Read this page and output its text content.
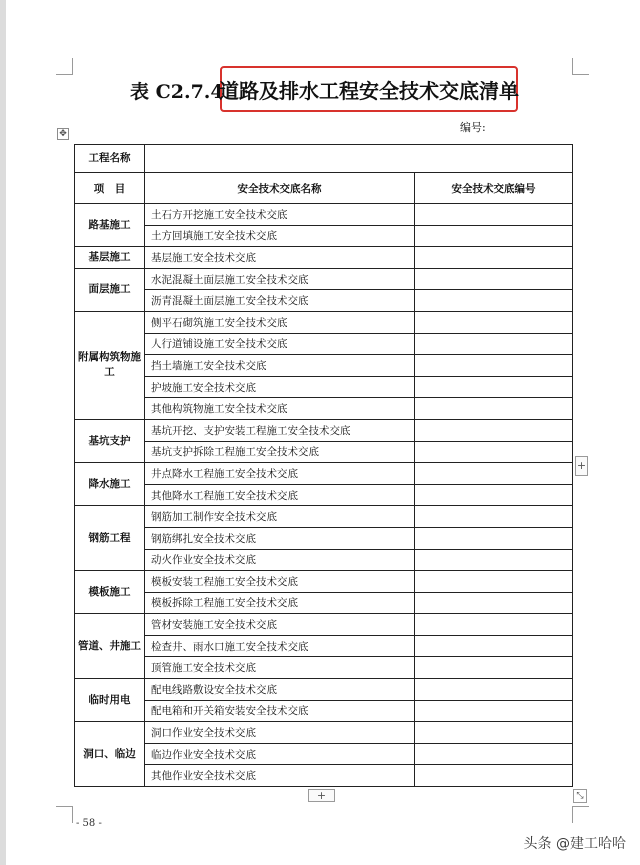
表 C2.7.4
道路及排水工程安全技术交底清单
编号:
✥
工程名称		
项　目	安全技术交底名称	安全技术交底编号
路基施工	土石方开挖施工安全技术交底	
	土方回填施工安全技术交底	
基层施工	基层施工安全技术交底	
面层施工	水泥混凝土面层施工安全技术交底	
	沥青混凝土面层施工安全技术交底	
附属构筑物施工	侧平石砌筑施工安全技术交底	
	人行道铺设施工安全技术交底	
	挡土墙施工安全技术交底	
	护坡施工安全技术交底	
	其他构筑物施工安全技术交底	
基坑支护	基坑开挖、支护安装工程施工安全技术交底	
	基坑支护拆除工程施工安全技术交底	
降水施工	井点降水工程施工安全技术交底	
	其他降水工程施工安全技术交底	
钢筋工程	钢筋加工制作安全技术交底	
	钢筋绑扎安全技术交底	
	动火作业安全技术交底	
模板施工	模板安装工程施工安全技术交底	
	模板拆除工程施工安全技术交底	
管道、井施工	管材安装施工安全技术交底	
	检查井、雨水口施工安全技术交底	
	顶管施工安全技术交底	
临时用电	配电线路敷设安全技术交底	
	配电箱和开关箱安装安全技术交底	
洞口、临边	洞口作业安全技术交底	
	临边作业安全技术交底	
	其他作业安全技术交底	
+
+	⤡
- 58 -
头条 @建工哈哈
